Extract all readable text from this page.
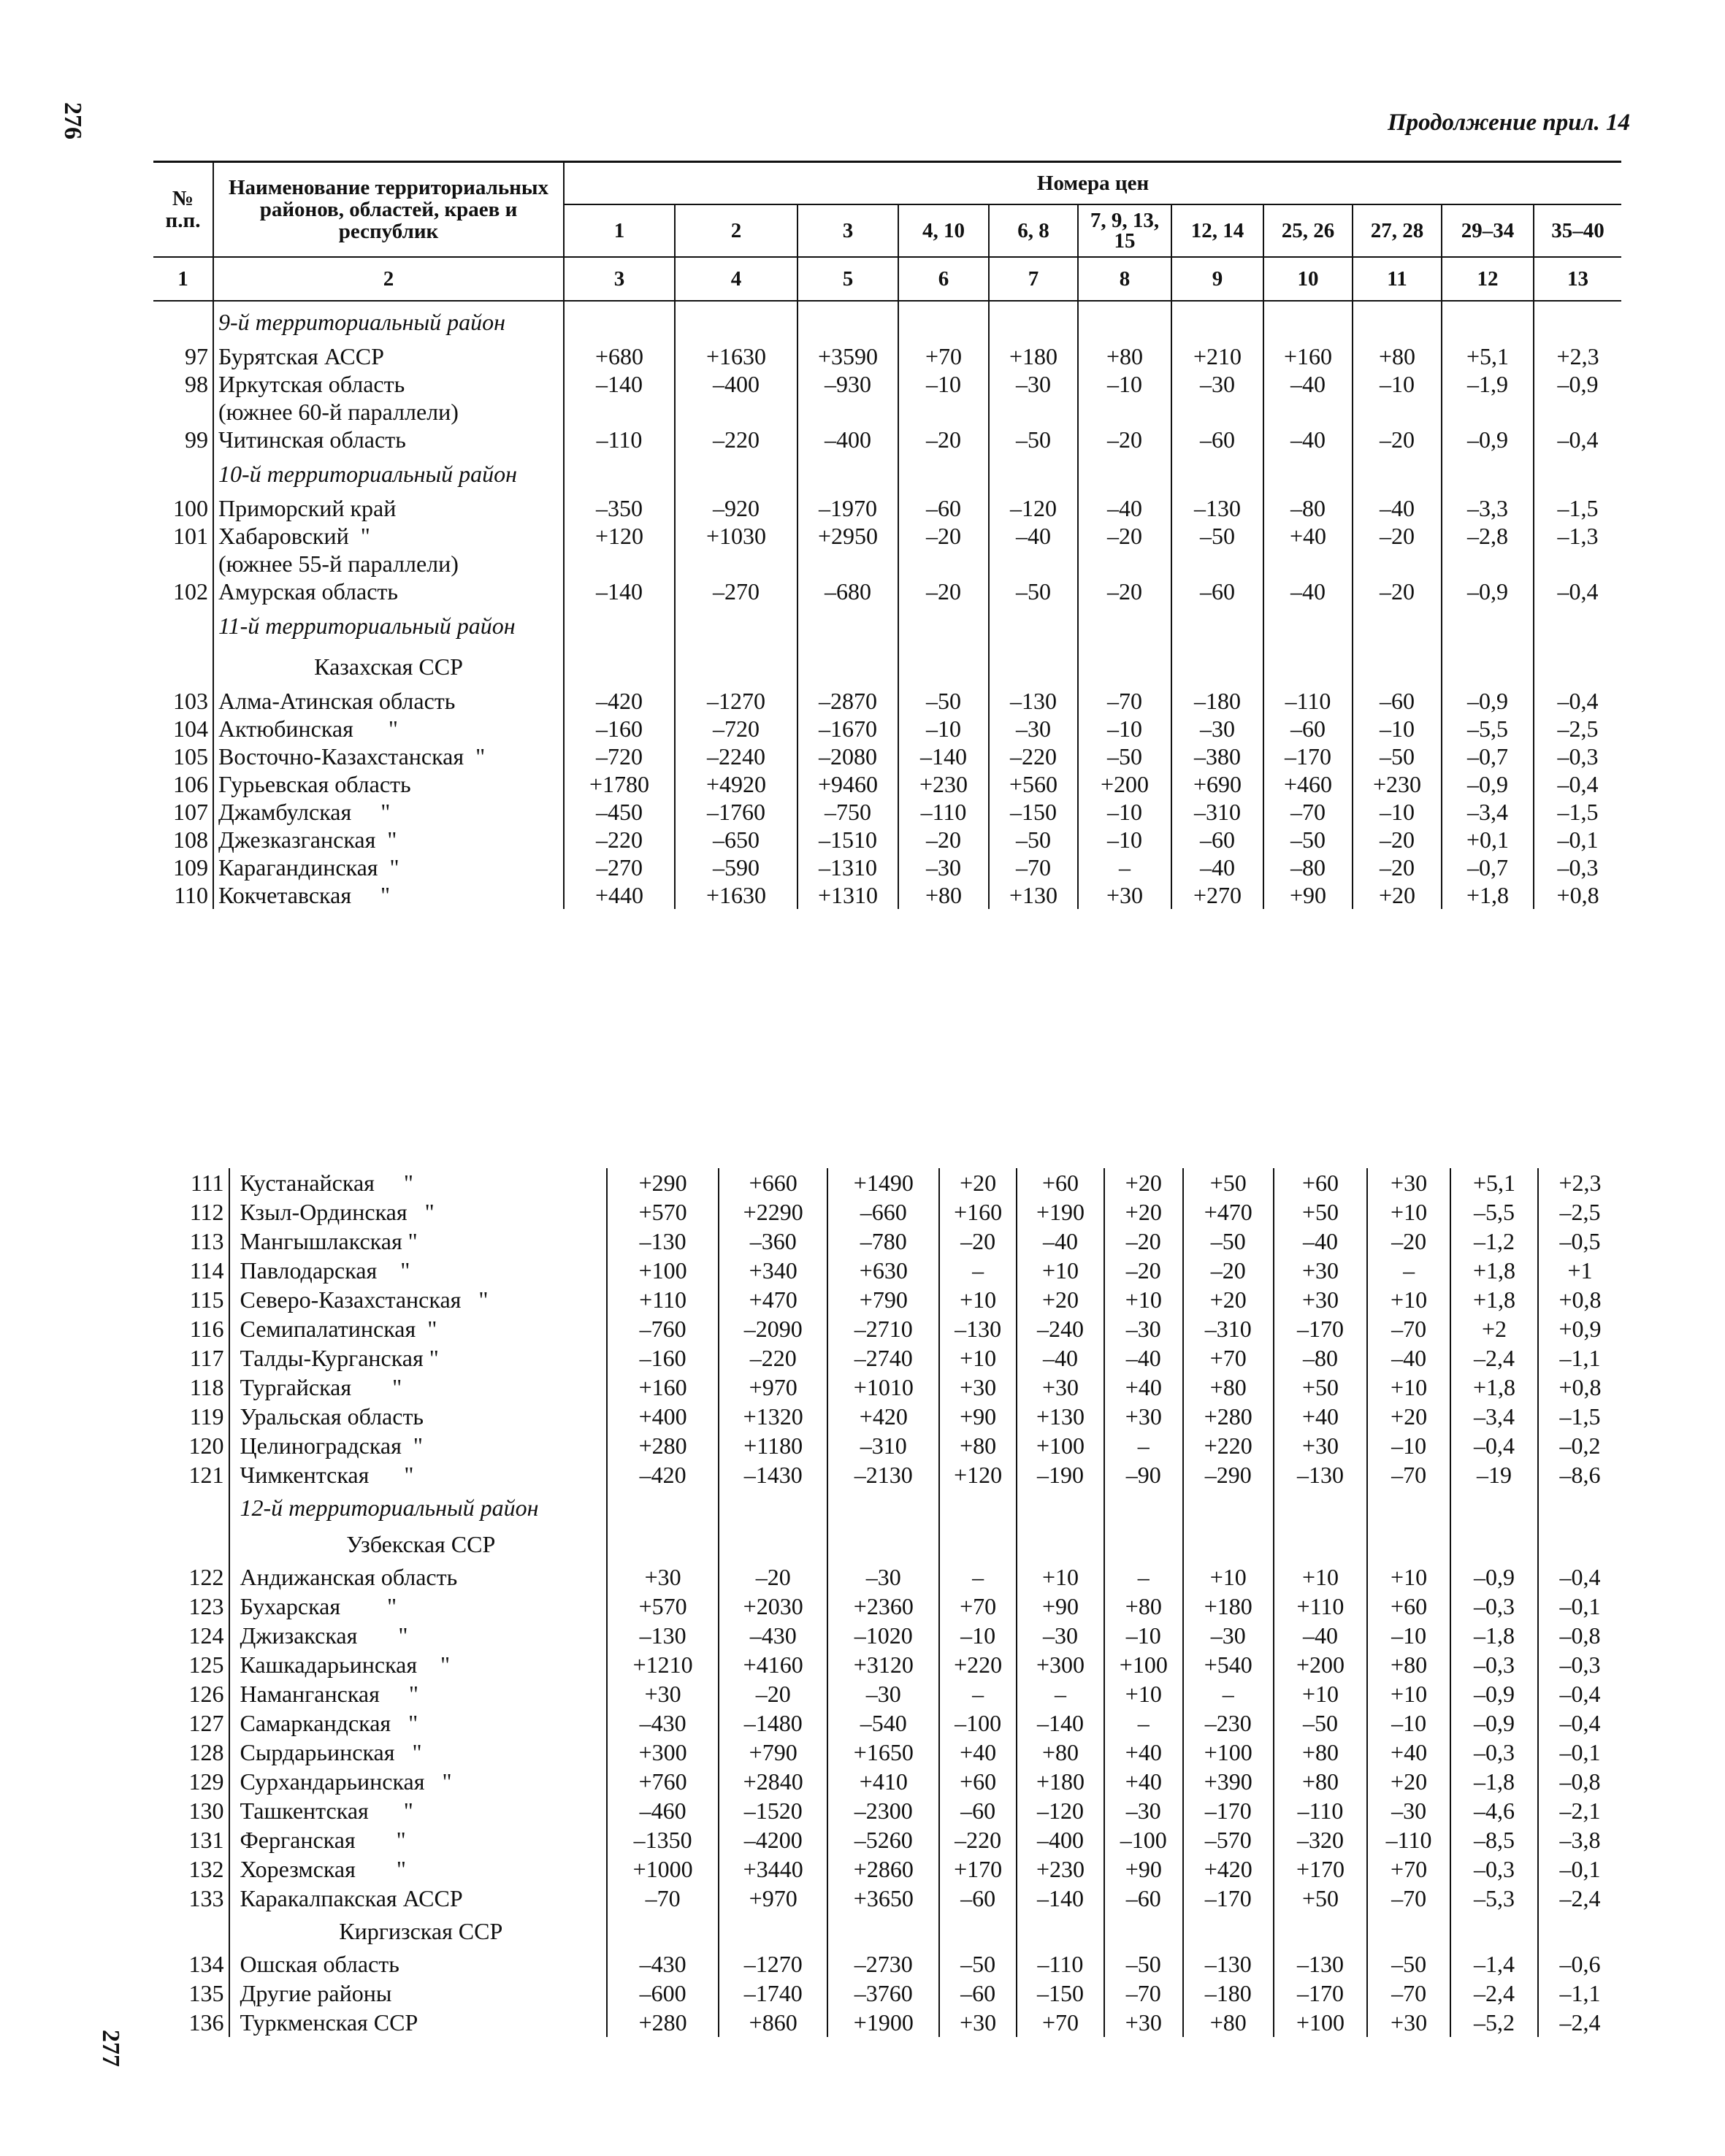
276
277
Продолжение прил. 14
№ п.п.	Наименование территориальных районов, областей, краев и республик	Номера цен										
		1	2	3	4, 10	6, 8	7, 9, 13, 15	12, 14	25, 26	27, 28	29–34	35–40
1	2	3	4	5	6	7	8	9	10	11	12	13
	9-й территориальный район											
97	Бурятская АССР	+680	+1630	+3590	+70	+180	+80	+210	+160	+80	+5,1	+2,3
98	Иркутская область	–140	–400	–930	–10	–30	–10	–30	–40	–10	–1,9	–0,9
	(южнее 60-й параллели)											
99	Читинская область	–110	–220	–400	–20	–50	–20	–60	–40	–20	–0,9	–0,4
	10-й территориальный район											
100	Приморский край	–350	–920	–1970	–60	–120	–40	–130	–80	–40	–3,3	–1,5
101	Хабаровский  "	+120	+1030	+2950	–20	–40	–20	–50	+40	–20	–2,8	–1,3
	(южнее 55-й параллели)											
102	Амурская область	–140	–270	–680	–20	–50	–20	–60	–40	–20	–0,9	–0,4
	11-й территориальный район											
	Казахская ССР											
103	Алма-Атинская область	–420	–1270	–2870	–50	–130	–70	–180	–110	–60	–0,9	–0,4
104	Актюбинская      "	–160	–720	–1670	–10	–30	–10	–30	–60	–10	–5,5	–2,5
105	Восточно-Казахстанская  "	–720	–2240	–2080	–140	–220	–50	–380	–170	–50	–0,7	–0,3
106	Гурьевская область	+1780	+4920	+9460	+230	+560	+200	+690	+460	+230	–0,9	–0,4
107	Джамбулская     "	–450	–1760	–750	–110	–150	–10	–310	–70	–10	–3,4	–1,5
108	Джезказганская  "	–220	–650	–1510	–20	–50	–10	–60	–50	–20	+0,1	–0,1
109	Карагандинская  "	–270	–590	–1310	–30	–70	–	–40	–80	–20	–0,7	–0,3
110	Кокчетавская     "	+440	+1630	+1310	+80	+130	+30	+270	+90	+20	+1,8	+0,8
111	Кустанайская     "	+290	+660	+1490	+20	+60	+20	+50	+60	+30	+5,1	+2,3
112	Кзыл-Ординская   "	+570	+2290	–660	+160	+190	+20	+470	+50	+10	–5,5	–2,5
113	Мангышлакская "	–130	–360	–780	–20	–40	–20	–50	–40	–20	–1,2	–0,5
114	Павлодарская    "	+100	+340	+630	–	+10	–20	–20	+30	–	+1,8	+1
115	Северо-Казахстанская   "	+110	+470	+790	+10	+20	+10	+20	+30	+10	+1,8	+0,8
116	Семипалатинская  "	–760	–2090	–2710	–130	–240	–30	–310	–170	–70	+2	+0,9
117	Талды-Курганская "	–160	–220	–2740	+10	–40	–40	+70	–80	–40	–2,4	–1,1
118	Тургайская       "	+160	+970	+1010	+30	+30	+40	+80	+50	+10	+1,8	+0,8
119	Уральская область	+400	+1320	+420	+90	+130	+30	+280	+40	+20	–3,4	–1,5
120	Целиноградская  "	+280	+1180	–310	+80	+100	–	+220	+30	–10	–0,4	–0,2
121	Чимкентская      "	–420	–1430	–2130	+120	–190	–90	–290	–130	–70	–19	–8,6
	12-й территориальный район											
	Узбекская ССР											
122	Андижанская область	+30	–20	–30	–	+10	–	+10	+10	+10	–0,9	–0,4
123	Бухарская        "	+570	+2030	+2360	+70	+90	+80	+180	+110	+60	–0,3	–0,1
124	Джизакская       "	–130	–430	–1020	–10	–30	–10	–30	–40	–10	–1,8	–0,8
125	Кашкадарьинская    "	+1210	+4160	+3120	+220	+300	+100	+540	+200	+80	–0,3	–0,3
126	Наманганская     "	+30	–20	–30	–	–	+10	–	+10	+10	–0,9	–0,4
127	Самаркандская   "	–430	–1480	–540	–100	–140	–	–230	–50	–10	–0,9	–0,4
128	Сырдарьинская   "	+300	+790	+1650	+40	+80	+40	+100	+80	+40	–0,3	–0,1
129	Сурхандарьинская   "	+760	+2840	+410	+60	+180	+40	+390	+80	+20	–1,8	–0,8
130	Ташкентская      "	–460	–1520	–2300	–60	–120	–30	–170	–110	–30	–4,6	–2,1
131	Ферганская       "	–1350	–4200	–5260	–220	–400	–100	–570	–320	–110	–8,5	–3,8
132	Хорезмская       "	+1000	+3440	+2860	+170	+230	+90	+420	+170	+70	–0,3	–0,1
133	Каракалпакская АССР	–70	+970	+3650	–60	–140	–60	–170	+50	–70	–5,3	–2,4
	Киргизская ССР											
134	Ошская область	–430	–1270	–2730	–50	–110	–50	–130	–130	–50	–1,4	–0,6
135	Другие районы	–600	–1740	–3760	–60	–150	–70	–180	–170	–70	–2,4	–1,1
136	Туркменская ССР	+280	+860	+1900	+30	+70	+30	+80	+100	+30	–5,2	–2,4
